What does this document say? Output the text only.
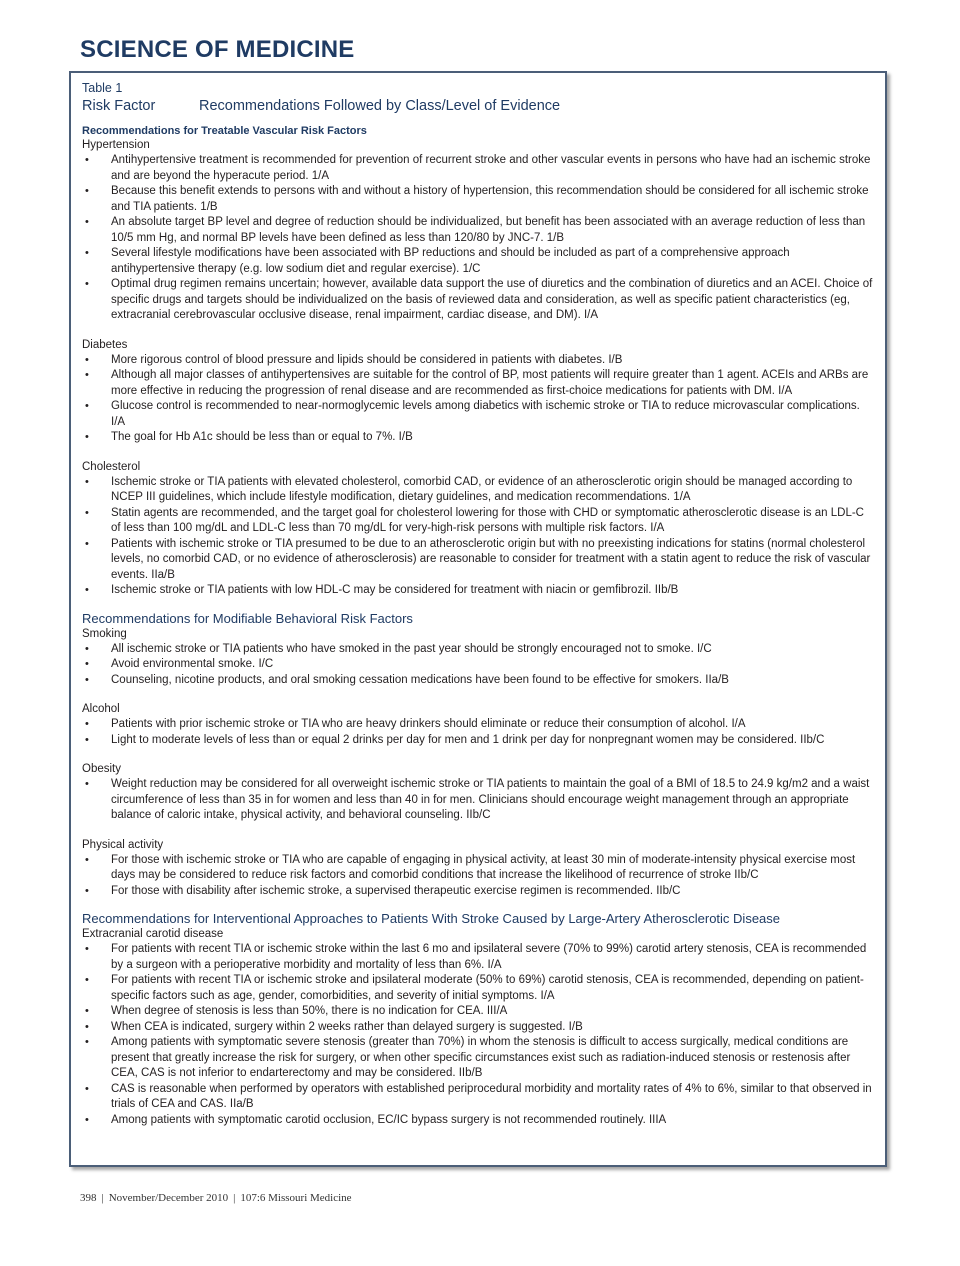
SCIENCE OF MEDICINE

Table 1

Risk Factor	Recommendations Followed by Class/Level of Evidence

Recommendations for Treatable Vascular Risk Factors

Hypertension

• Antihypertensive treatment is recommended for prevention of recurrent stroke and other vascular events in persons who have had an ischemic stroke and are beyond the hyperacute period. 1/A
• Because this benefit extends to persons with and without a history of hypertension, this recommendation should be considered for all ischemic stroke and TIA patients. 1/B
• An absolute target BP level and degree of reduction should be individualized, but benefit has been associated with an average reduction of less than 10/5 mm Hg, and normal BP levels have been defined as less than 120/80 by JNC-7. 1/B
• Several lifestyle modifications have been associated with BP reductions and should be included as part of a comprehensive approach antihypertensive therapy (e.g. low sodium diet and regular exercise). 1/C
• Optimal drug regimen remains uncertain; however, available data support the use of diuretics and the combination of diuretics and an ACEI. Choice of specific drugs and targets should be individualized on the basis of reviewed data and consideration, as well as specific patient characteristics (eg, extracranial cerebrovascular occlusive disease, renal impairment, cardiac disease, and DM). I/A

Diabetes

• More rigorous control of blood pressure and lipids should be considered in patients with diabetes. I/B
• Although all major classes of antihypertensives are suitable for the control of BP, most patients will require greater than 1 agent. ACEIs and ARBs are more effective in reducing the progression of renal disease and are recommended as first-choice medications for patients with DM. I/A
• Glucose control is recommended to near-normoglycemic levels among diabetics with ischemic stroke or TIA to reduce microvascular complications. I/A
• The goal for Hb A1c should be less than or equal to 7%. I/B

Cholesterol

• Ischemic stroke or TIA patients with elevated cholesterol, comorbid CAD, or evidence of an atherosclerotic origin should be managed according to NCEP III guidelines, which include lifestyle modification, dietary guidelines, and medication recommendations. 1/A
• Statin agents are recommended, and the target goal for cholesterol lowering for those with CHD or symptomatic atherosclerotic disease is an LDL-C of less than 100 mg/dL and LDL-C less than 70 mg/dL for very-high-risk persons with multiple risk factors. I/A
• Patients with ischemic stroke or TIA presumed to be due to an atherosclerotic origin but with no preexisting indications for statins (normal cholesterol levels, no comorbid CAD, or no evidence of atherosclerosis) are reasonable to consider for treatment with a statin agent to reduce the risk of vascular events. IIa/B
• Ischemic stroke or TIA patients with low HDL-C may be considered for treatment with niacin or gemfibrozil. IIb/B

Recommendations for Modifiable Behavioral Risk Factors

Smoking

• All ischemic stroke or TIA patients who have smoked in the past year should be strongly encouraged not to smoke. I/C
• Avoid environmental smoke. I/C
• Counseling, nicotine products, and oral smoking cessation medications have been found to be effective for smokers. IIa/B

Alcohol

• Patients with prior ischemic stroke or TIA who are heavy drinkers should eliminate or reduce their consumption of alcohol. I/A
• Light to moderate levels of less than or equal 2 drinks per day for men and 1 drink per day for nonpregnant women may be considered. IIb/C

Obesity

• Weight reduction may be considered for all overweight ischemic stroke or TIA patients to maintain the goal of a BMI of 18.5 to 24.9 kg/m2 and a waist circumference of less than 35 in for women and less than 40 in for men. Clinicians should encourage weight management through an appropriate balance of caloric intake, physical activity, and behavioral counseling. IIb/C

Physical activity

• For those with ischemic stroke or TIA who are capable of engaging in physical activity, at least 30 min of moderate-intensity physical exercise most days may be considered to reduce risk factors and comorbid conditions that increase the likelihood of recurrence of stroke IIb/C
• For those with disability after ischemic stroke, a supervised therapeutic exercise regimen is recommended. IIb/C

Recommendations for Interventional Approaches to Patients With Stroke Caused by Large-Artery Atherosclerotic Disease

Extracranial carotid disease

• For patients with recent TIA or ischemic stroke within the last 6 mo and ipsilateral severe (70% to 99%) carotid artery stenosis, CEA is recommended by a surgeon with a perioperative morbidity and mortality of less than 6%. I/A
• For patients with recent TIA or ischemic stroke and ipsilateral moderate (50% to 69%) carotid stenosis, CEA is recommended, depending on patient-specific factors such as age, gender, comorbidities, and severity of initial symptoms. I/A
• When degree of stenosis is less than 50%, there is no indication for CEA. III/A
• When CEA is indicated, surgery within 2 weeks rather than delayed surgery is suggested. I/B
• Among patients with symptomatic severe stenosis (greater than 70%) in whom the stenosis is difficult to access surgically, medical conditions are present that greatly increase the risk for surgery, or when other specific circumstances exist such as radiation-induced stenosis or restenosis after CEA, CAS is not inferior to endarterectomy and may be considered. IIb/B
• CAS is reasonable when performed by operators with established periprocedural morbidity and mortality rates of 4% to 6%, similar to that observed in trials of CEA and CAS. IIa/B
• Among patients with symptomatic carotid occlusion, EC/IC bypass surgery is not recommended routinely. IIIA
398 | November/December 2010 | 107:6 Missouri Medicine
